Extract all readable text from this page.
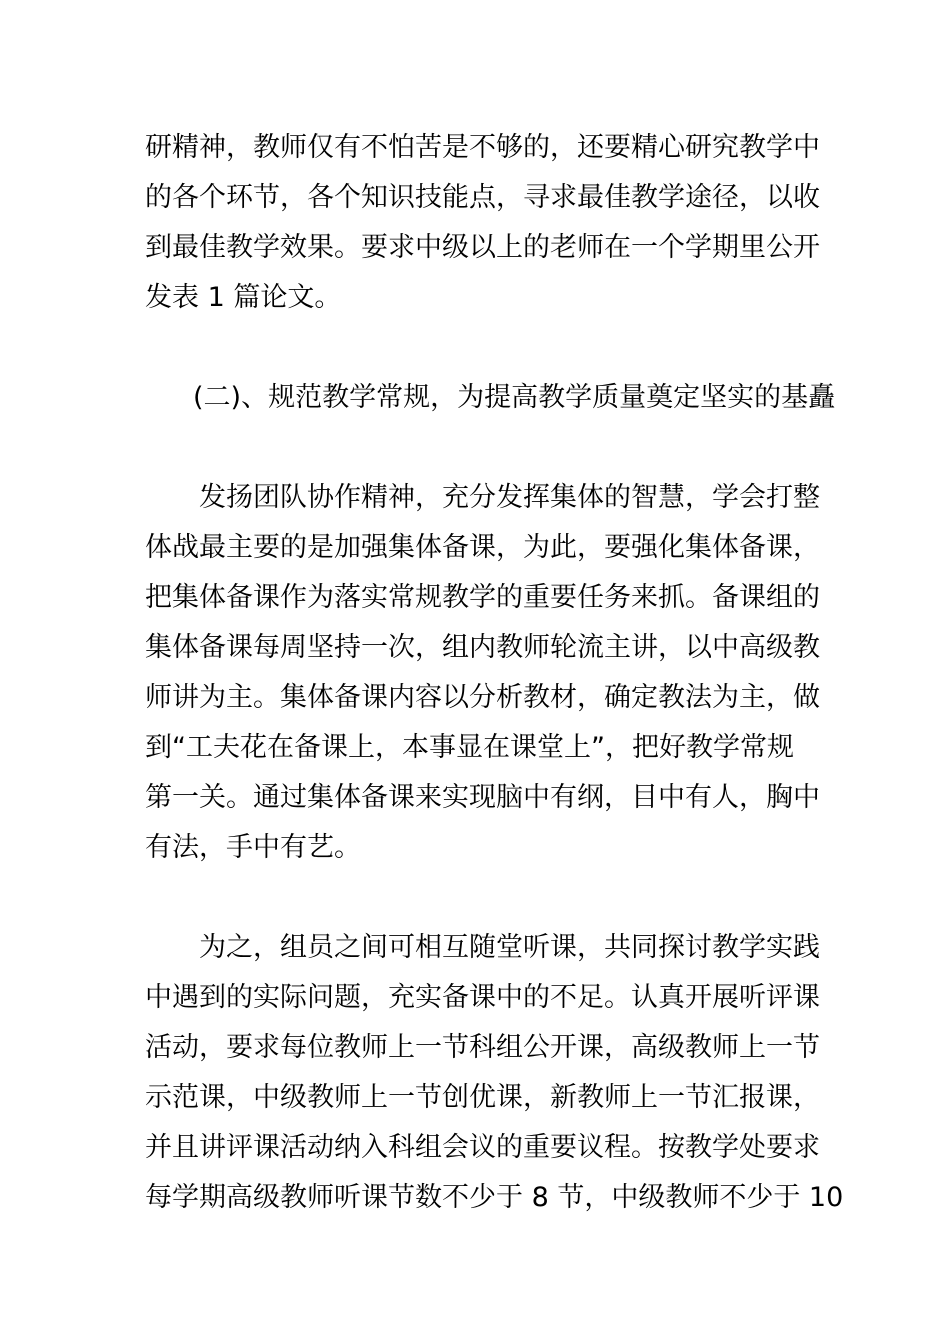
研精神，教师仅有不怕苦是不够的，还要精心研究教学中
的各个环节，各个知识技能点，寻求最佳教学途径，以收
到最佳教学效果。要求中级以上的老师在一个学期里公开
发表 1 篇论文。
(二)、规范教学常规，为提高教学质量奠定坚实的基矗
发扬团队协作精神，充分发挥集体的智慧，学会打整
体战最主要的是加强集体备课，为此，要强化集体备课，
把集体备课作为落实常规教学的重要任务来抓。备课组的
集体备课每周坚持一次，组内教师轮流主讲，以中高级教
师讲为主。集体备课内容以分析教材，确定教法为主，做
到“工夫花在备课上，本事显在课堂上”，把好教学常规
第一关。通过集体备课来实现脑中有纲，目中有人，胸中
有法，手中有艺。
为之，组员之间可相互随堂听课，共同探讨教学实践
中遇到的实际问题，充实备课中的不足。认真开展听评课
活动，要求每位教师上一节科组公开课，高级教师上一节
示范课，中级教师上一节创优课，新教师上一节汇报课，
并且讲评课活动纳入科组会议的重要议程。按教学处要求
每学期高级教师听课节数不少于 8 节，中级教师不少于 10
